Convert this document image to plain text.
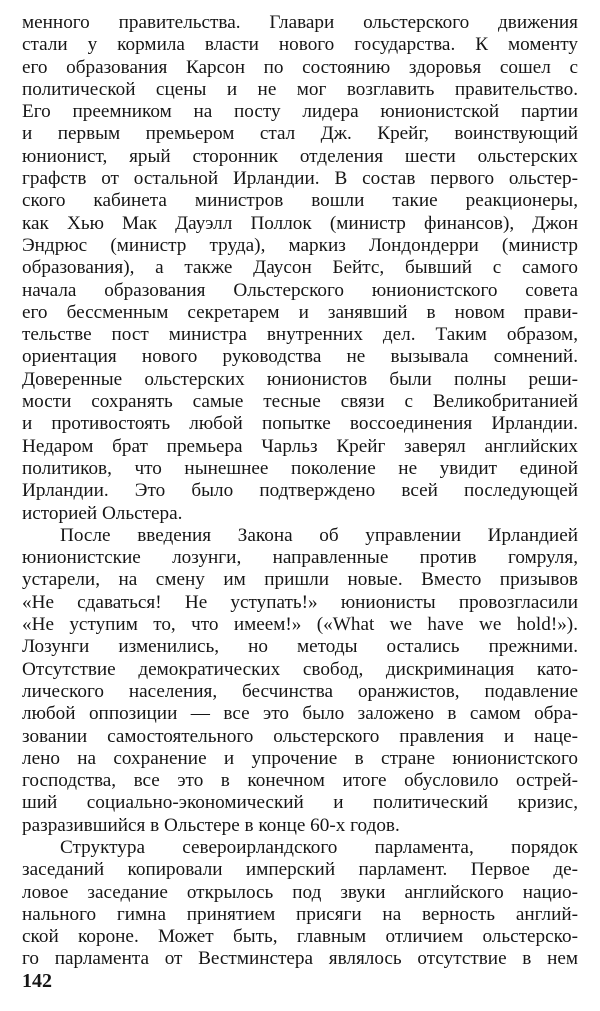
менного правительства. Главари ольстерского движения
стали у кормила власти нового государства. К моменту
его образования Карсон по состоянию здоровья сошел с
политической сцены и не мог возглавить правительство.
Его преемником на посту лидера юнионистской партии
и первым премьером стал Дж. Крейг, воинствующий
юнионист, ярый сторонник отделения шести ольстерских
графств от остальной Ирландии. В состав первого ольстер-
ского кабинета министров вошли такие реакционеры,
как Хью Мак Дауэлл Поллок (министр финансов), Джон
Эндрюс (министр труда), маркиз Лондондерри (министр
образования), а также Даусон Бейтс, бывший с самого
начала образования Ольстерского юнионистского совета
его бессменным секретарем и занявший в новом прави-
тельстве пост министра внутренних дел. Таким образом,
ориентация нового руководства не вызывала сомнений.
Доверенные ольстерских юнионистов были полны реши-
мости сохранять самые тесные связи с Великобританией
и противостоять любой попытке воссоединения Ирландии.
Недаром брат премьера Чарльз Крейг заверял английских
политиков, что нынешнее поколение не увидит единой
Ирландии. Это было подтверждено всей последующей
историей Ольстера.
После введения Закона об управлении Ирландией
юнионистские лозунги, направленные против гомруля,
устарели, на смену им пришли новые. Вместо призывов
«Не сдаваться! Не уступать!» юнионисты провозгласили
«Не уступим то, что имеем!» («What we have we hold!»).
Лозунги изменились, но методы остались прежними.
Отсутствие демократических свобод, дискриминация като-
лического населения, бесчинства оранжистов, подавление
любой оппозиции — все это было заложено в самом обра-
зовании самостоятельного ольстерского правления и наце-
лено на сохранение и упрочение в стране юнионистского
господства, все это в конечном итоге обусловило острей-
ший социально-экономический и политический кризис,
разразившийся в Ольстере в конце 60-х годов.
Структура североирландского парламента, порядок
заседаний копировали имперский парламент. Первое де-
ловое заседание открылось под звуки английского нацио-
нального гимна принятием присяги на верность англий-
ской короне. Может быть, главным отличием ольстерско-
го парламента от Вестминстера являлось отсутствие в нем
142
